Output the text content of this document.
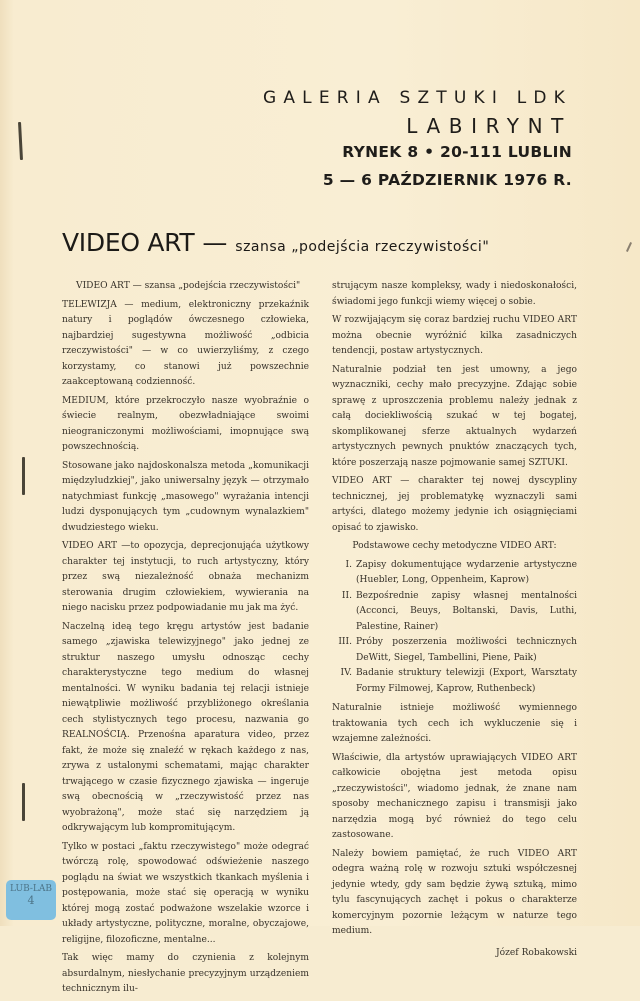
GALERIA SZTUKI LDK
LABIRYNT
RYNEK 8 • 20-111 LUBLIN
5 — 6 PAŹDZIERNIK 1976 R.
VIDEO ART — szansa „podejścia rzeczywistości"

VIDEO ART — szansa „podejścia rzeczywistości"

TELEWIZJA — medium, elektroniczny przekaźnik natury i poglądów ówczesnego człowieka, najbardziej sugestywna możliwość „odbicia rzeczywistości" — w co uwierzyliśmy, z czego korzystamy, co stanowi już powszechnie zaakceptowaną codzienność.

MEDIUM, które przekroczyło nasze wyobraźnie o świecie realnym, obezwładniające swoimi nieograniczonymi możliwościami, imopnujące swą powszechnością.

Stosowane jako najdoskonalsza metoda „komunikacji międzyludzkiej", jako uniwersalny język — otrzymało natychmiast funkcję „masowego" wyrażania intencji ludzi dysponujących tym „cudownym wynalazkiem" dwudziestego wieku.

VIDEO ART —to opozycja, deprecjonująća użytkowy charakter tej instytucji, to ruch artystyczny, który przez swą niezależność obnaża mechanizm sterowania drugim człowiekiem, wywierania na niego nacisku przez podpowiadanie mu jak ma żyć.

Naczelną ideą tego kręgu artystów jest badanie samego „zjawiska telewizyjnego" jako jednej ze struktur naszego umysłu odnosząc cechy charakterystyczne tego medium do własnej mentalności. W wyniku badania tej relacji istnieje niewątpliwie możliwość przybliżonego określania cech stylistycznych tego procesu, nazwania go REALNOŚCIĄ. Przenośna aparatura video, przez fakt, że może się znaleźć w rękach każdego z nas, zrywa z ustalonymi schematami, mając charakter trwającego w czasie fizycznego zjawiska — ingeruje swą obecnością w „rzeczywistość przez nas wyobrażoną", może stać się narzędziem ją odkrywającym lub kompromitującym.

Tylko w postaci „faktu rzeczywistego" może odegrać twórczą rolę, spowodować odświeżenie naszego poglądu na świat we wszystkich tkankach myślenia i postępowania, może stać się operacją w wyniku której mogą zostać podważone wszelakie wzorce i układy artystyczne, polityczne, moralne, obyczajowe, religijne, filozoficzne, mentalne...

Tak więc mamy do czynienia z kolejnym absurdalnym, niesłychanie precyzyjnym urządzeniem technicznym ilu-

strującym nasze kompleksy, wady i niedoskonałości, świadomi jego funkcji wiemy więcej o sobie.

W rozwijającym się coraz bardziej ruchu VIDEO ART można obecnie wyróżnić kilka zasadniczych tendencji, postaw artystycznych.

Naturalnie podział ten jest umowny, a jego wyznaczniki, cechy mało precyzyjne. Zdając sobie sprawę z uproszczenia problemu należy jednak z całą dociekliwością szukać w tej bogatej, skomplikowanej sferze aktualnych wydarzeń artystycznych pewnych pnuktów znaczących tych, które poszerzają nasze pojmowanie samej SZTUKI.

VIDEO ART — charakter tej nowej dyscypliny technicznej, jej problematykę wyznaczyli sami artyści, dlatego możemy jedynie ich osiągnięciami opisać to zjawisko.

Podstawowe cechy metodyczne VIDEO ART:

I. Zapisy dokumentujące wydarzenie artystyczne (Huebler, Long, Oppenheim, Kaprow)
II. Bezpośrednie zapisy własnej mentalności (Acconci, Beuys, Boltanski, Davis, Luthi, Palestine, Rainer)
III. Próby poszerzenia możliwości technicznych DeWitt, Siegel, Tambellini, Piene, Paik)
IV. Badanie struktury telewizji (Export, Warsztaty Formy Filmowej, Kaprow, Ruthenbeck)

Naturalnie istnieje możliwość wymiennego traktowania tych cech ich wykluczenie się i wzajemne zależności.

Właściwie, dla artystów uprawiających VIDEO ART całkowicie obojętna jest metoda opisu „rzeczywistości", wiadomo jednak, że znane nam sposoby mechanicznego zapisu i transmisji jako narzędzia mogą być również do tego celu zastosowane.

Należy bowiem pamiętać, że ruch VIDEO ART odegra ważną rolę w rozwoju sztuki współczesnej jedynie wtedy, gdy sam będzie żywą sztuką, mimo tylu fascynujących zachęt i pokus o charakterze komercyjnym pozornie leżącym w naturze tego medium.

Józef Robakowski

LUB-LAB
4
